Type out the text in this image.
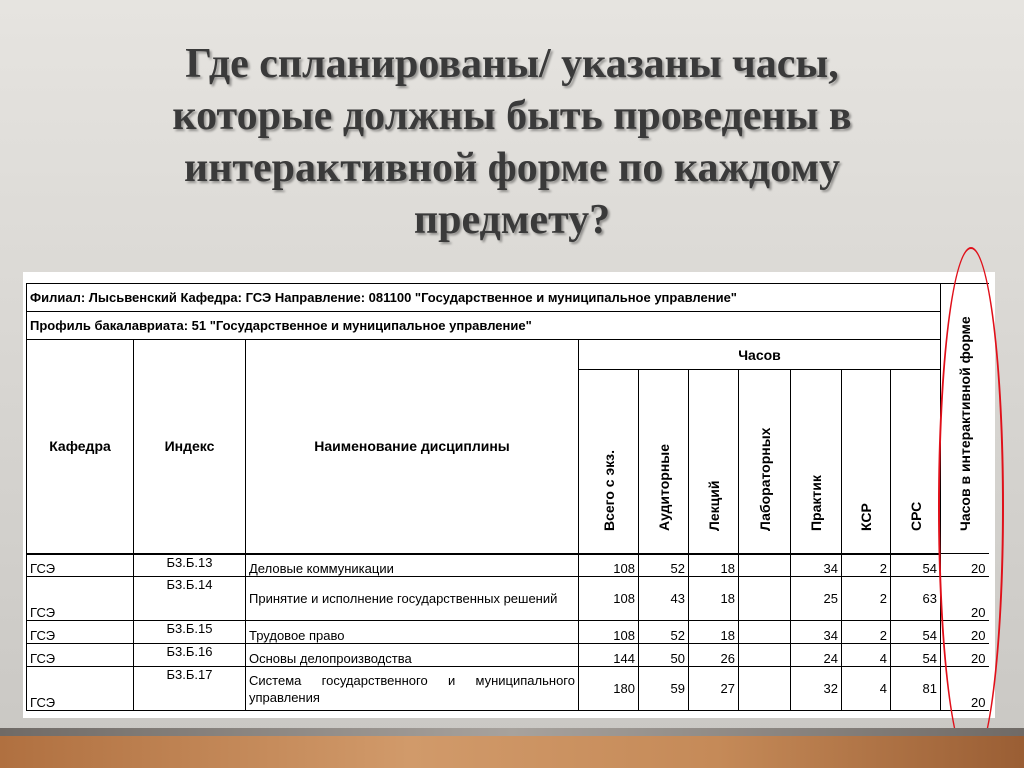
Где спланированы/ указаны часы,
которые должны быть проведены в
интерактивной форме по каждому
предмету?
Филиал: Лысьвенский Кафедра: ГСЭ Направление: 081100 "Государственное и муниципальное управление"										Часов в интерактивной форме

Профиль бакалавриата: 51 "Государственное и муниципальное управление"										
Кафедра	Индекс	Наименование дисциплины	Часов							

			Всего с экз.	Аудиторные	Лекций	Лабораторных	Практик	КСР	СРС	

ГСЭ	Б3.Б.13	Деловые коммуникации	108	52	18		34	2	54	20
ГСЭ	Б3.Б.14	Принятие и исполнение государственных решений	108	43	18		25	2	63	20
ГСЭ	Б3.Б.15	Трудовое право	108	52	18		34	2	54	20
ГСЭ	Б3.Б.16	Основы делопроизводства	144	50	26		24	4	54	20
ГСЭ	Б3.Б.17	Система государственного и муниципального управления	180	59	27		32	4	81	20
